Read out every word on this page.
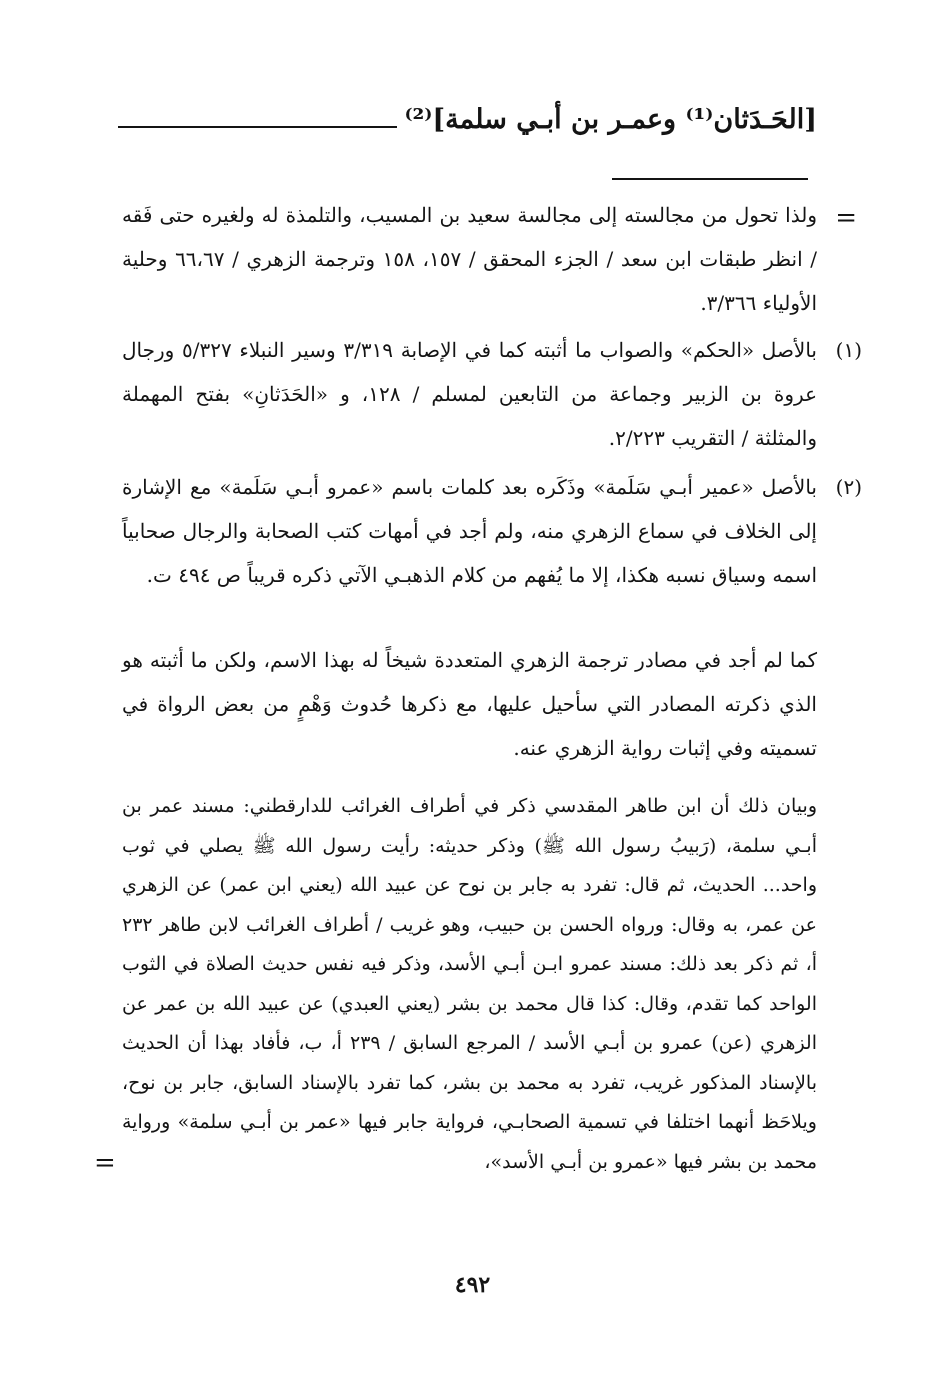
[الحَـدَثان⁽¹⁾ وعمـر بن أبـي سلمة]⁽²⁾
=

ولذا تحول من مجالسته إلى مجالسة سعيد بن المسيب، والتلمذة له ولغيره حتى فَقه / انظر طبقات ابن سعد / الجزء المحقق / ١٥٧، ١٥٨ وترجمة الزهري / ٦٦،٦٧ وحلية الأولياء ٣/٣٦٦.

(١)

بالأصل «الحكم» والصواب ما أثبته كما في الإصابة ٣/٣١٩ وسير النبلاء ٥/٣٢٧ ورجال عروة بن الزبير وجماعة من التابعين لمسلم / ١٢٨، و «الحَدَثانِ» بفتح المهملة والمثلثة / التقريب ٢/٢٢٣.

(٢)

بالأصل «عمير أبـي سَلَمة» وذَكَره بعد كلمات باسم «عمرو أبـي سَلَمة» مع الإشارة إلى الخلاف في سماع الزهري منه، ولم أجد في أمهات كتب الصحابة والرجال صحابياً اسمه وسياق نسبه هكذا، إلا ما يُفهم من كلام الذهبـي الآتي ذكره قريباً ص ٤٩٤ ت.

كما لم أجد في مصادر ترجمة الزهري المتعددة شيخاً له بهذا الاسم، ولكن ما أثبته هو الذي ذكرته المصادر التي سأحيل عليها، مع ذكرها حُدوث وَهْمٍ من بعض الرواة في تسميته وفي إثبات رواية الزهري عنه.

وبيان ذلك أن ابن طاهر المقدسي ذكر في أطراف الغرائب للدارقطني: مسند عمر بن أبـي سلمة، (رَبيبُ رسول الله ﷺ) وذكر حديثه: رأيت رسول الله ﷺ يصلي في ثوب واحد... الحديث، ثم قال: تفرد به جابر بن نوح عن عبيد الله (يعني ابن عمر) عن الزهري عن عمر، به وقال: ورواه الحسن بن حبيب، وهو غريب / أطراف الغرائب لابن طاهر ٢٣٢ أ، ثم ذكر بعد ذلك: مسند عمرو ابـن أبـي الأسد، وذكر فيه نفس حديث الصلاة في الثوب الواحد كما تقدم، وقال: كذا قال محمد بن بشر (يعني العبدي) عن عبيد الله بن عمر عن الزهري (عن) عمرو بن أبـي الأسد / المرجع السابق / ٢٣٩ أ، ب، فأفاد بهذا أن الحديث بالإسناد المذكور غريب، تفرد به محمد بن بشر، كما تفرد بالإسناد السابق، جابر بن نوح، ويلاحَظ أنهما اختلفا في تسمية الصحابـي، فرواية جابر فيها «عمر بن أبـي سلمة» ورواية محمد بن بشر فيها «عمرو بن أبـي الأسد»،

=
٤٩٢
